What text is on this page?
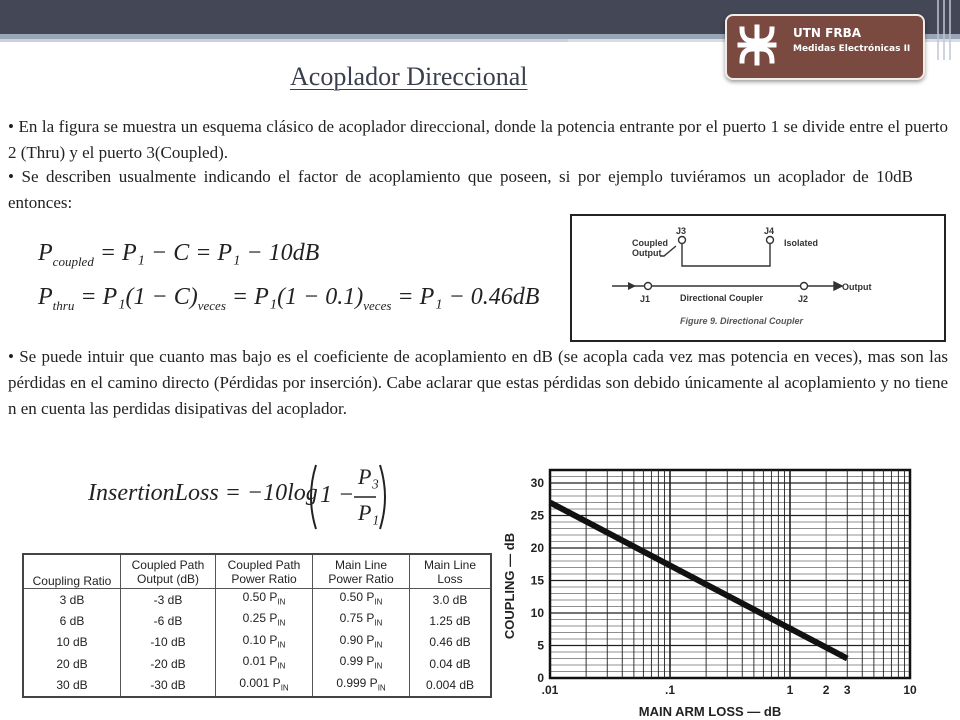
UTN FRBA
Medidas Electrónicas II
Acoplador Direccional
• En la figura se muestra un esquema clásico de acoplador direccional, donde la potencia entrante por el puerto 1 se divide entre el puerto 2 (Thru) y el puerto 3(Coupled).
• Se describen usualmente indicando el factor de acoplamiento que poseen, si por ejemplo tuviéramos un acoplador de 10dB entonces:
• Se puede intuir que cuanto mas bajo es el coeficiente de acoplamiento en dB (se acopla cada vez mas potencia en veces), mas son las pérdidas en el camino directo (Pérdidas por inserción). Cabe aclarar que estas pérdidas son debido únicamente al acoplamiento y no tiene n en cuenta las perdidas disipativas del acoplador.
$P_{coupled} = P_1 - C = P_1 - 10dB$
$P_{thru} = P_1(1 - C)_{veces} = P_1(1 - 0.1)_{veces} = P_1 - 0.46dB$
J3	J4
Coupled
Output
Isolated
Output
J1	J2
Directional Coupler
Figure 9. Directional Coupler
InsertionLoss = −10log 1 −
P₃
P₁
Coupling Ratio	Coupled Path Output (dB)	Coupled Path Power Ratio	Main Line Power Ratio	Main Line Loss
3 dB	-3 dB	0.50 $P_{IN}$	0.50 $P_{IN}$	3.0 dB
6 dB	-6 dB	0.25 $P_{IN}$	0.75 $P_{IN}$	1.25 dB
10 dB	-10 dB	0.10 $P_{IN}$	0.90 $P_{IN}$	0.46 dB
20 dB	-20 dB	0.01 $P_{IN}$	0.99 $P_{IN}$	0.04 dB
30 dB	-30 dB	0.001 $P_{IN}$	0.999 $P_{IN}$	0.004 dB
0
5
10
15
20
25
30
.01	.1	1 2 3	10
COUPLING — dB
MAIN ARM LOSS — dB
